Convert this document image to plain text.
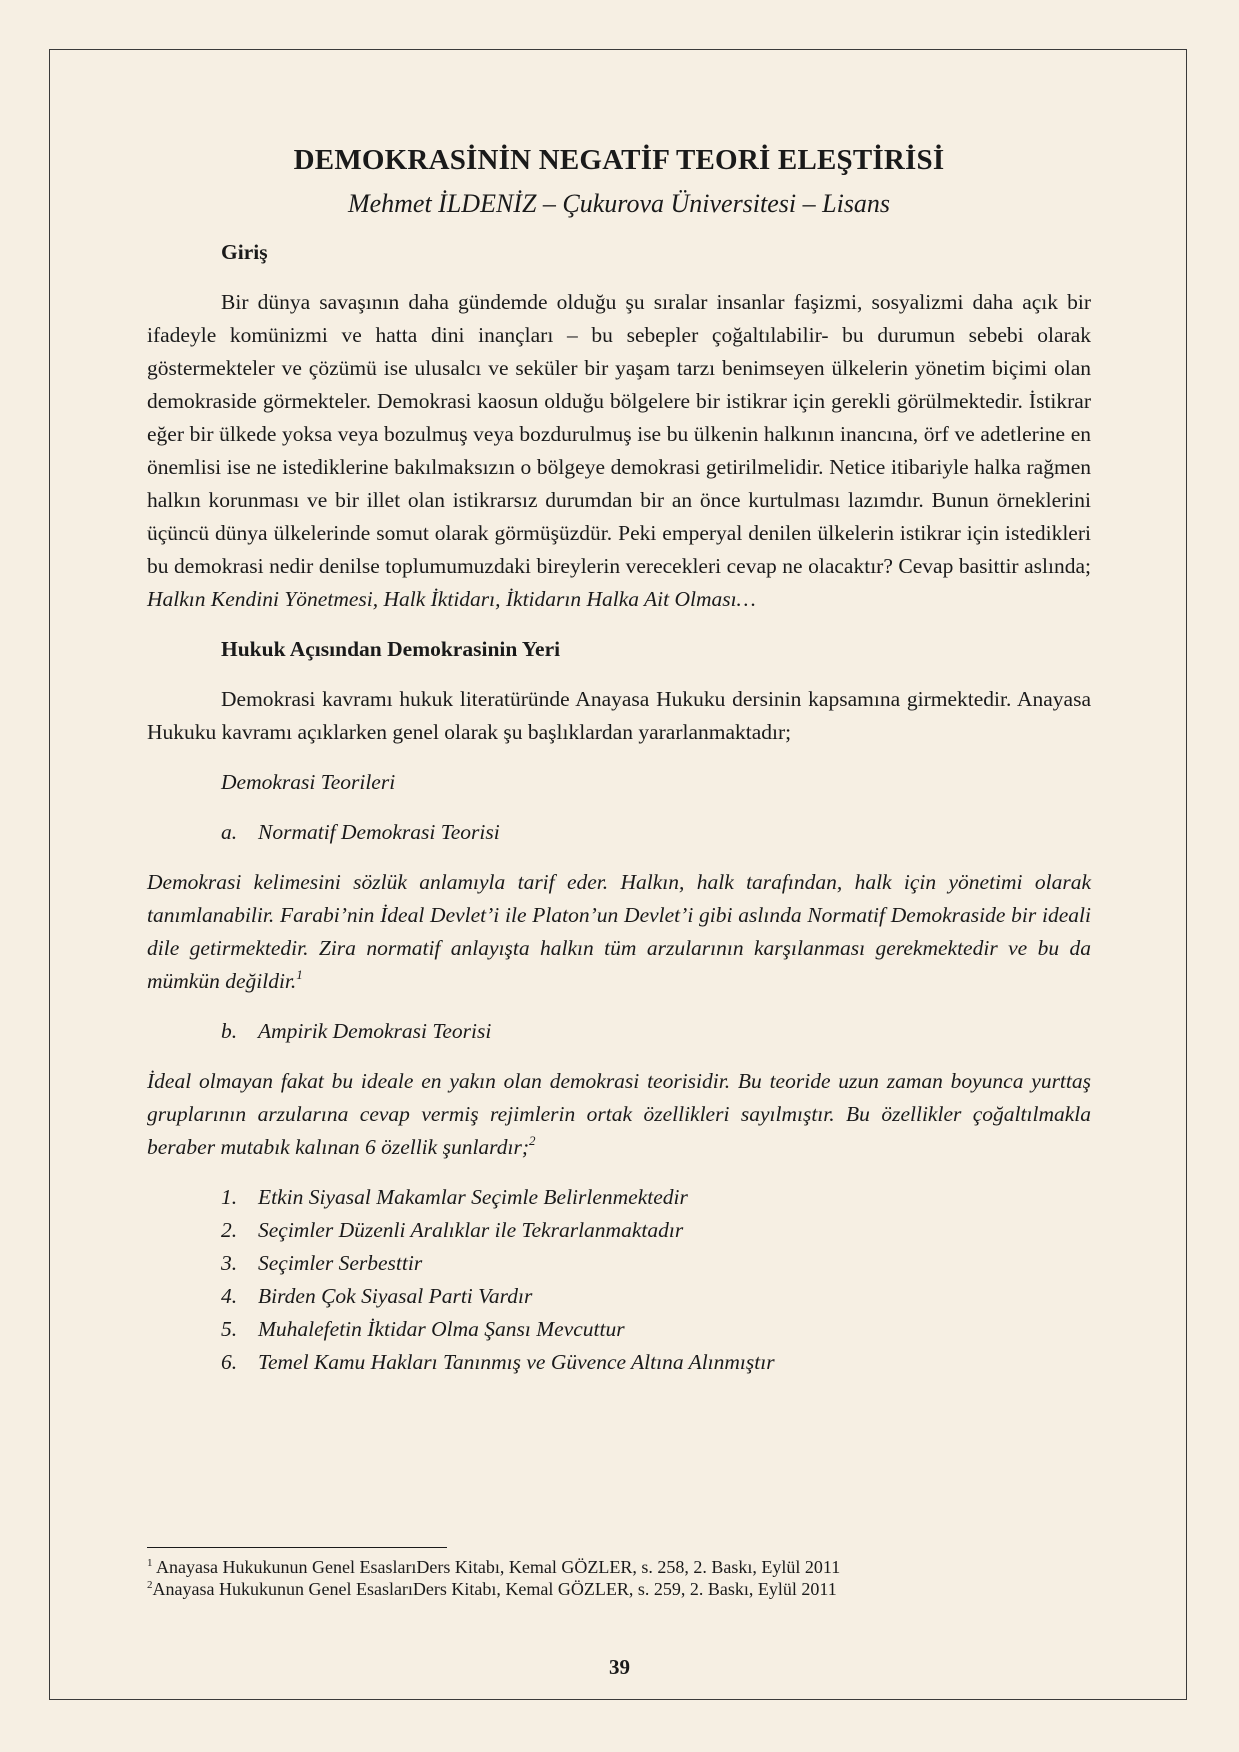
DEMOKRASİNİN NEGATİF TEORİ ELEŞTİRİSİ
Mehmet İLDENİZ – Çukurova Üniversitesi – Lisans

Giriş

Bir dünya savaşının daha gündemde olduğu şu sıralar insanlar faşizmi, sosyalizmi daha açık bir ifadeyle komünizmi ve hatta dini inançları – bu sebepler çoğaltılabilir- bu durumun sebebi olarak göstermekteler ve çözümü ise ulusalcı ve seküler bir yaşam tarzı benimseyen ülkelerin yönetim biçimi olan demokraside görmekteler. Demokrasi kaosun olduğu bölgelere bir istikrar için gerekli görülmektedir. İstikrar eğer bir ülkede yoksa veya bozulmuş veya bozdurulmuş ise bu ülkenin halkının inancına, örf ve adetlerine en önemlisi ise ne istediklerine bakılmaksızın o bölgeye demokrasi getirilmelidir. Netice itibariyle halka rağmen halkın korunması ve bir illet olan istikrarsız durumdan bir an önce kurtulması lazımdır. Bunun örneklerini üçüncü dünya ülkelerinde somut olarak görmüşüzdür. Peki emperyal denilen ülkelerin istikrar için istedikleri bu demokrasi nedir denilse toplumumuzdaki bireylerin verecekleri cevap ne olacaktır? Cevap basittir aslında; Halkın Kendini Yönetmesi, Halk İktidarı, İktidarın Halka Ait Olması…

Hukuk Açısından Demokrasinin Yeri

Demokrasi kavramı hukuk literatüründe Anayasa Hukuku dersinin kapsamına girmektedir. Anayasa Hukuku kavramı açıklarken genel olarak şu başlıklardan yararlanmaktadır;

Demokrasi Teorileri

a. Normatif Demokrasi Teorisi

Demokrasi kelimesini sözlük anlamıyla tarif eder. Halkın, halk tarafından, halk için yönetimi olarak tanımlanabilir. Farabi’nin İdeal Devlet’i ile Platon’un Devlet’i gibi aslında Normatif Demokraside bir ideali dile getirmektedir. Zira normatif anlayışta halkın tüm arzularının karşılanması gerekmektedir ve bu da mümkün değildir.$^1$

b. Ampirik Demokrasi Teorisi

İdeal olmayan fakat bu ideale en yakın olan demokrasi teorisidir. Bu teoride uzun zaman boyunca yurttaş gruplarının arzularına cevap vermiş rejimlerin ortak özellikleri sayılmıştır. Bu özellikler çoğaltılmakla beraber mutabık kalınan 6 özellik şunlardır;$^2$

1. Etkin Siyasal Makamlar Seçimle Belirlenmektedir
2. Seçimler Düzenli Aralıklar ile Tekrarlanmaktadır
3. Seçimler Serbesttir
4. Birden Çok Siyasal Parti Vardır
5. Muhalefetin İktidar Olma Şansı Mevcuttur
6. Temel Kamu Hakları Tanınmış ve Güvence Altına Alınmıştır
$^1$ Anayasa Hukukunun Genel EsaslarıDers Kitabı, Kemal GÖZLER, s. 258, 2. Baskı, Eylül 2011
$^2$Anayasa Hukukunun Genel EsaslarıDers Kitabı, Kemal GÖZLER, s. 259, 2. Baskı, Eylül 2011
39
